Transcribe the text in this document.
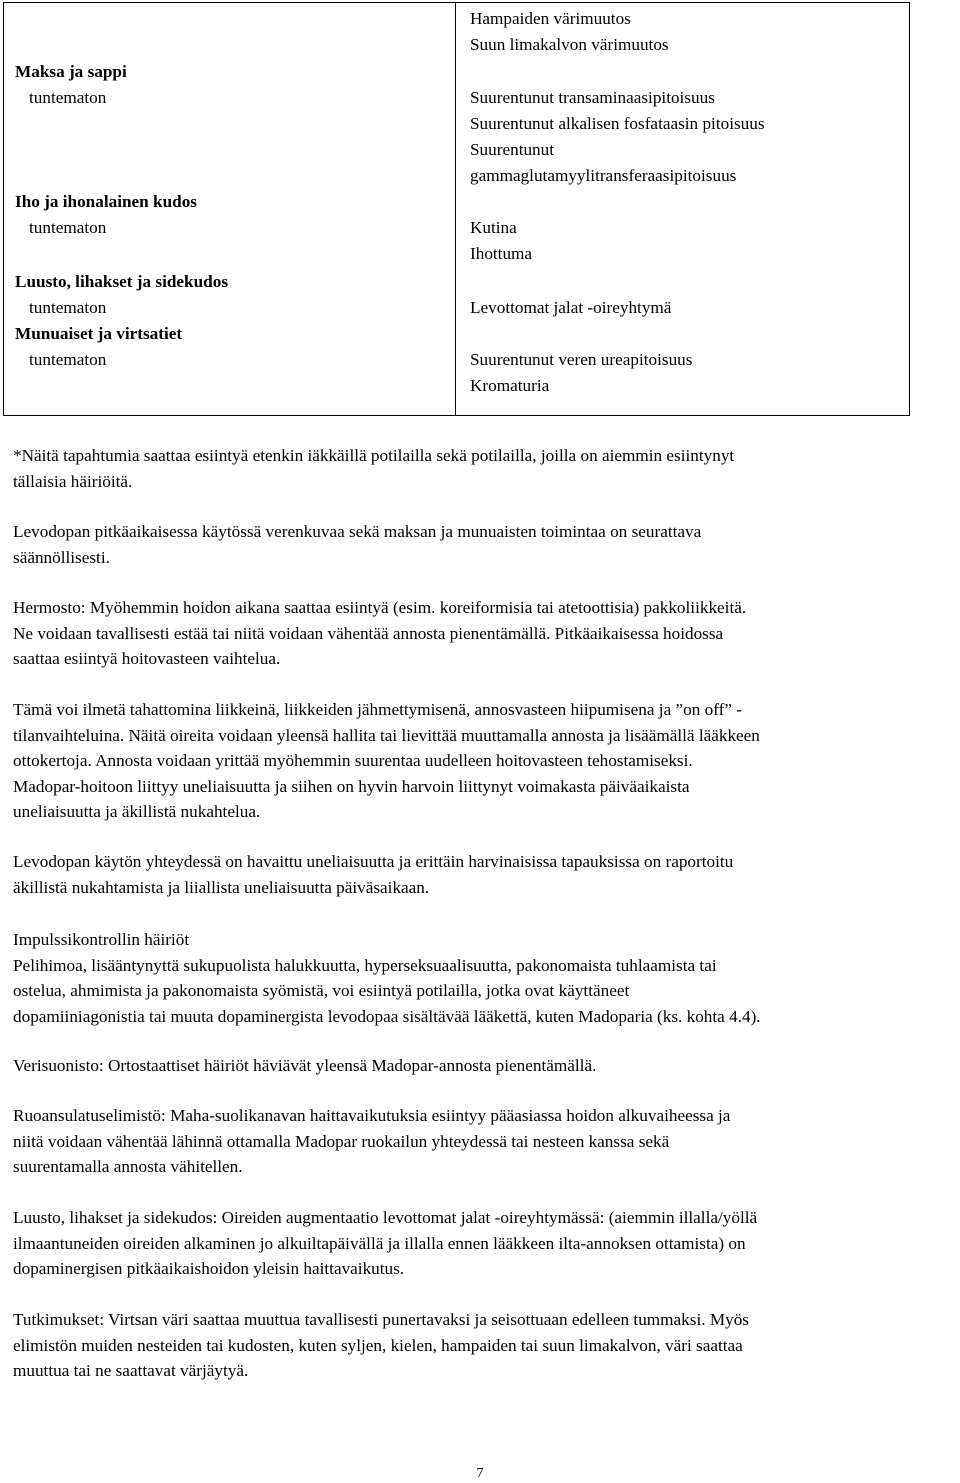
Maksa ja sappi
tuntematon
Iho ja ihonalainen kudos
tuntematon
Luusto, lihakset ja sidekudos
tuntematon
Munuaiset ja virtsatiet
tuntematon
Hampaiden värimuutos
Suun limakalvon värimuutos
Suurentunut transaminaasipitoisuus
Suurentunut alkalisen fosfataasin pitoisuus
Suurentunut
gammaglutamyylitransferaasipitoisuus
Kutina
Ihottuma
Levottomat jalat -oireyhtymä
Suurentunut veren ureapitoisuus
Kromaturia
*Näitä tapahtumia saattaa esiintyä etenkin iäkkäillä potilailla sekä potilailla, joilla on aiemmin esiintynyt
tällaisia häiriöitä.
Levodopan pitkäaikaisessa käytössä verenkuvaa sekä maksan ja munuaisten toimintaa on seurattava
säännöllisesti.
Hermosto: Myöhemmin hoidon aikana saattaa esiintyä (esim. koreiformisia tai atetoottisia) pakkoliikkeitä.
Ne voidaan tavallisesti estää tai niitä voidaan vähentää annosta pienentämällä. Pitkäaikaisessa hoidossa
saattaa esiintyä hoitovasteen vaihtelua.
Tämä voi ilmetä tahattomina liikkeinä, liikkeiden jähmettymisenä, annosvasteen hiipumisena ja ”on off” -
tilanvaihteluina. Näitä oireita voidaan yleensä hallita tai lievittää muuttamalla annosta ja lisäämällä lääkkeen
ottokertoja. Annosta voidaan yrittää myöhemmin suurentaa uudelleen hoitovasteen tehostamiseksi.
Madopar-hoitoon liittyy uneliaisuutta ja siihen on hyvin harvoin liittynyt voimakasta päiväaikaista
uneliaisuutta ja äkillistä nukahtelua.
Levodopan käytön yhteydessä on havaittu uneliaisuutta ja erittäin harvinaisissa tapauksissa on raportoitu
äkillistä nukahtamista ja liiallista uneliaisuutta päiväsaikaan.
Impulssikontrollin häiriöt
Pelihimoa, lisääntynyttä sukupuolista halukkuutta, hyperseksuaalisuutta, pakonomaista tuhlaamista tai
ostelua, ahmimista ja pakonomaista syömistä, voi esiintyä potilailla, jotka ovat käyttäneet
dopamiiniagonistia tai muuta dopaminergista levodopaa sisältävää lääkettä, kuten Madoparia (ks. kohta 4.4).
Verisuonisto: Ortostaattiset häiriöt häviävät yleensä Madopar-annosta pienentämällä.
Ruoansulatuselimistö: Maha-suolikanavan haittavaikutuksia esiintyy pääasiassa hoidon alkuvaiheessa ja
niitä voidaan vähentää lähinnä ottamalla Madopar ruokailun yhteydessä tai nesteen kanssa sekä
suurentamalla annosta vähitellen.
Luusto, lihakset ja sidekudos: Oireiden augmentaatio levottomat jalat -oireyhtymässä: (aiemmin illalla/yöllä
ilmaantuneiden oireiden alkaminen jo alkuiltapäivällä ja illalla ennen lääkkeen ilta-annoksen ottamista) on
dopaminergisen pitkäaikaishoidon yleisin haittavaikutus.
Tutkimukset: Virtsan väri saattaa muuttua tavallisesti punertavaksi ja seisottuaan edelleen tummaksi. Myös
elimistön muiden nesteiden tai kudosten, kuten syljen, kielen, hampaiden tai suun limakalvon, väri saattaa
muuttua tai ne saattavat värjäytyä.
7
